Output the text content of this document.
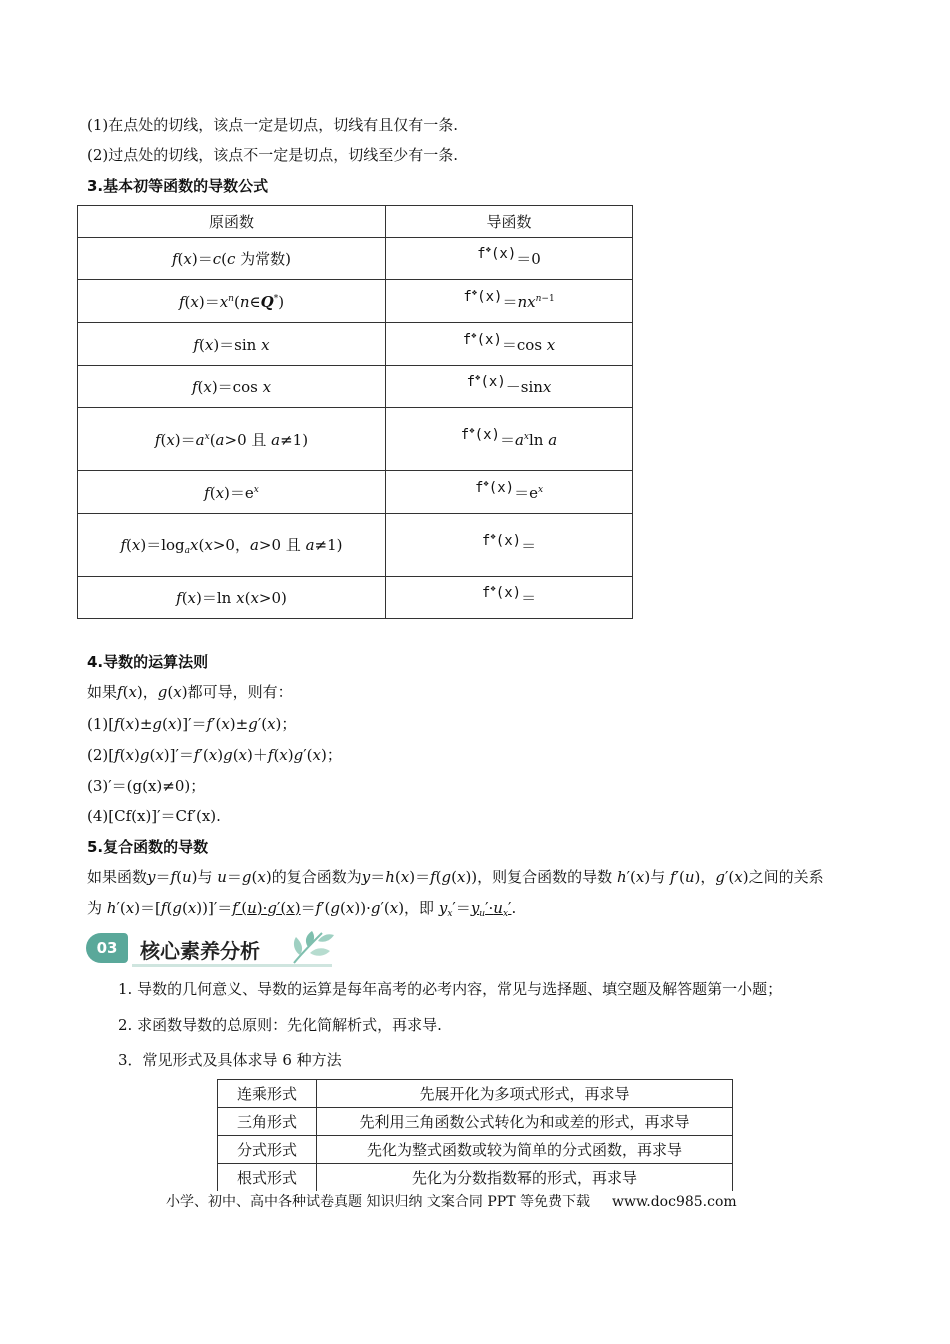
(1)在点处的切线，该点一定是切点，切线有且仅有一条.
(2)过点处的切线，该点不一定是切点，切线至少有一条.
3.基本初等函数的导数公式
原函数	导函数
f(x)＝c(c 为常数)	f❖(x)＝0
$f(x)=x^n(n\in Q^*)$	$f^❖(x)=nx^{n-1}$
f(x)＝sin x	f❖(x)＝cos x
f(x)＝cos x	f❖(x)－sinx
$f(x)=a^x(a>0$ 且 a≠1)	$f^❖(x)=a^x\ln$ a
$f(x)=e^x$	$f^❖(x)=e^x$
$f(x)=\log_ax(x>0$，a>0 且 a≠1)	f❖(x)＝
f(x)＝ln x(x>0)	f❖(x)＝
4.导数的运算法则
如果f(x)，g(x)都可导，则有：
(1)[f(x)±g(x)]′＝f′(x)±g′(x)；
(2)[f(x)g(x)]′＝f′(x)g(x)＋f(x)g′(x)；
(3)′＝(g(x)≠0)；
(4)[Cf(x)]′＝Cf′(x).
5.复合函数的导数
如果函数y＝f(u)与 u＝g(x)的复合函数为y＝h(x)＝f(g(x))，则复合函数的导数 h′(x)与 f′(u)，g′(x)之间的关系
为 h′(x)＝[f(g(x))]′＝f′(u)·g′(x)＝f′(g(x))·g′(x)，即 $y_x'=y_u'\cdot u_x'$.
03	核心素养分析
1. 导数的几何意义、导数的运算是每年高考的必考内容，常见与选择题、填空题及解答题第一小题；
2. 求函数导数的总原则：先化简解析式，再求导.
3．常见形式及具体求导 6 种方法
连乘形式	先展开化为多项式形式，再求导
三角形式	先利用三角函数公式转化为和或差的形式，再求导
分式形式	先化为整式函数或较为简单的分式函数，再求导
根式形式	先化为分数指数幂的形式，再求导
小学、初中、高中各种试卷真题 知识归纳 文案合同 PPT 等免费下载 www.doc985.com
